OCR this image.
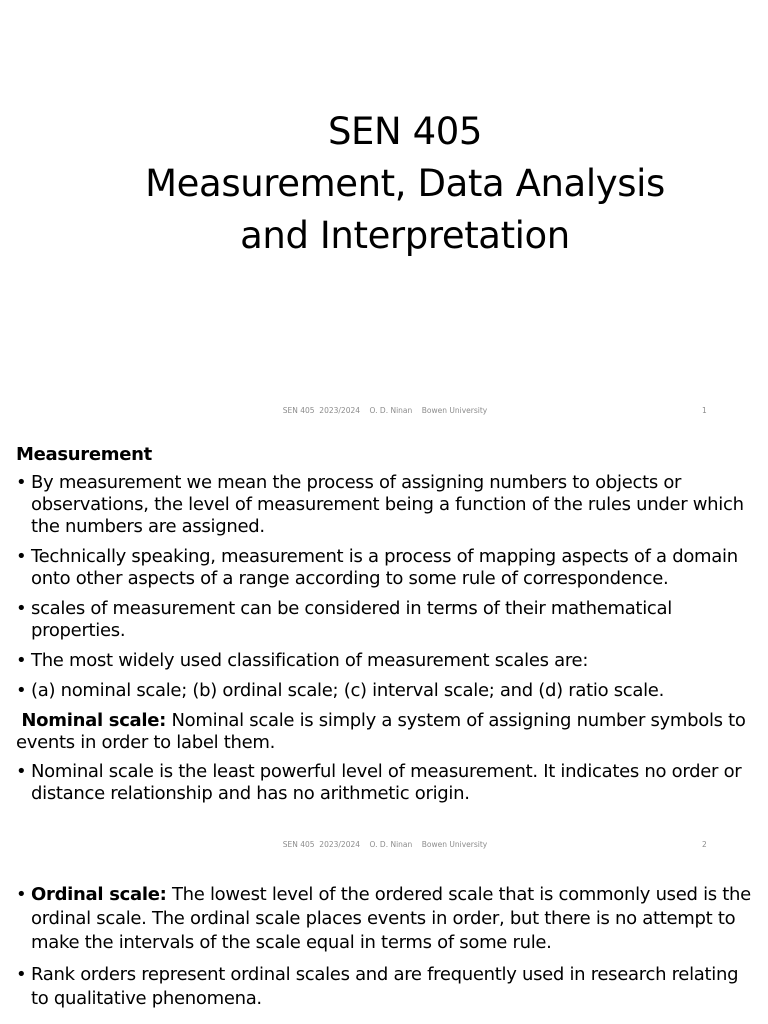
SEN 405
Measurement, Data Analysis
and Interpretation
SEN 405  2023/2024    O. D. Ninan    Bowen University	1
Measurement
• By measurement we mean the process of assigning numbers to objects or observations, the level of measurement being a function of the rules under which the numbers are assigned.
• Technically speaking, measurement is a process of mapping aspects of a domain onto other aspects of a range according to some rule of correspondence.
• scales of measurement can be considered in terms of their mathematical properties.
• The most widely used classification of measurement scales are:
• (a) nominal scale; (b) ordinal scale; (c) interval scale; and (d) ratio scale.
Nominal scale: Nominal scale is simply a system of assigning number symbols to events in order to label them.
• Nominal scale is the least powerful level of measurement. It indicates no order or distance relationship and has no arithmetic origin.
SEN 405  2023/2024    O. D. Ninan    Bowen University	2
• Ordinal scale: The lowest level of the ordered scale that is commonly used is the ordinal scale. The ordinal scale places events in order, but there is no attempt to make the intervals of the scale equal in terms of some rule.
• Rank orders represent ordinal scales and are frequently used in research relating to qualitative phenomena.
